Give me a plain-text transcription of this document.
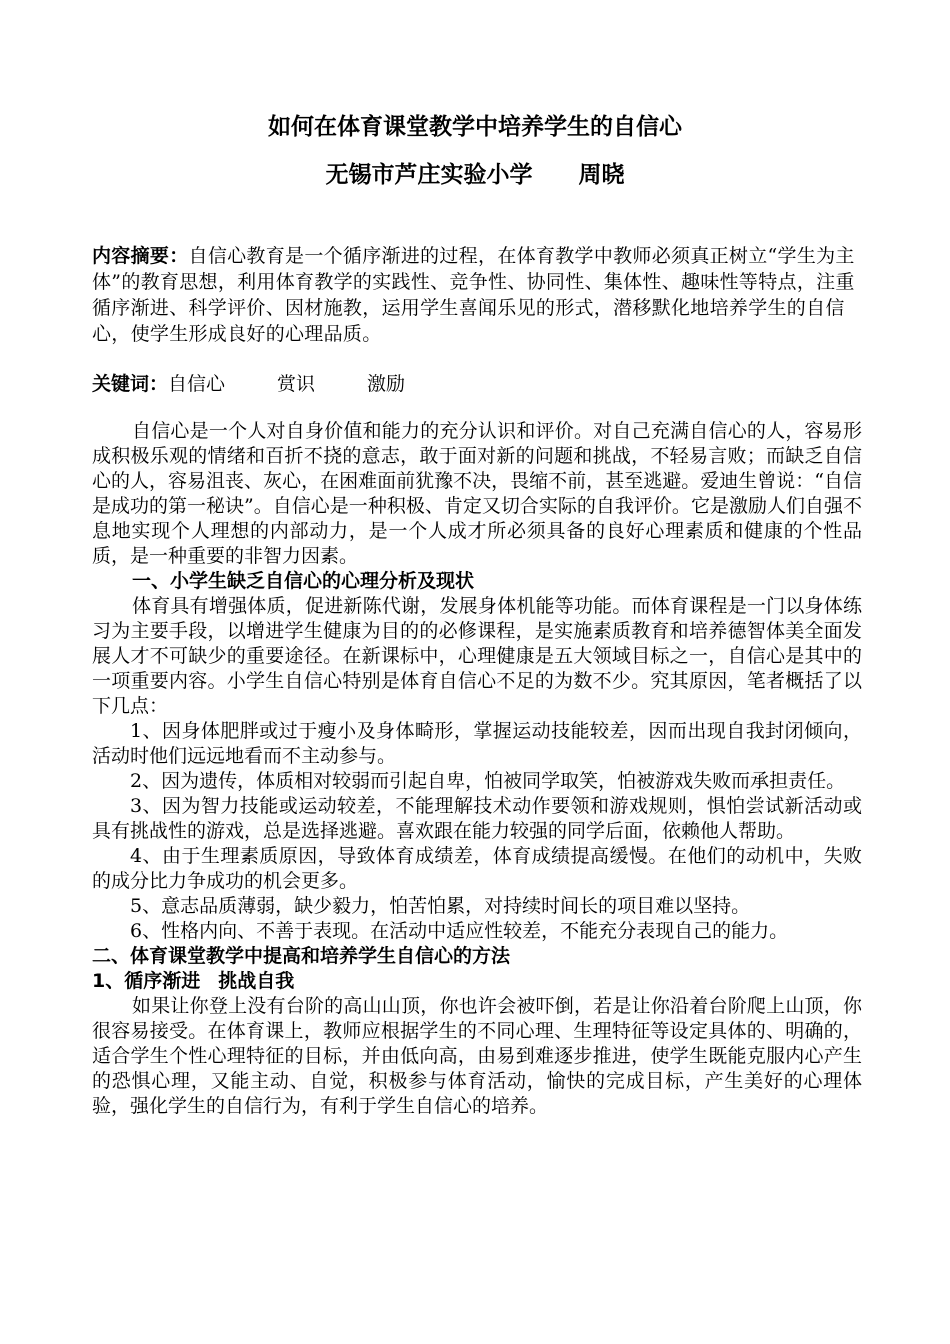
如何在体育课堂教学中培养学生的自信心
无锡市芦庄实验小学 周晓
内容摘要：自信心教育是一个循序渐进的过程，在体育教学中教师必须真正树立“学生为主体”的教育思想，利用体育教学的实践性、竞争性、协同性、集体性、趣味性等特点，注重循序渐进、科学评价、因材施教，运用学生喜闻乐见的形式，潜移默化地培养学生的自信心，使学生形成良好的心理品质。
关键词：自信心	赏识	激励

自信心是一个人对自身价值和能力的充分认识和评价。对自己充满自信心的人，容易形成积极乐观的情绪和百折不挠的意志，敢于面对新的问题和挑战，不轻易言败；而缺乏自信心的人，容易沮丧、灰心，在困难面前犹豫不决，畏缩不前，甚至逃避。爱迪生曾说：“自信是成功的第一秘诀”。自信心是一种积极、肯定又切合实际的自我评价。它是激励人们自强不息地实现个人理想的内部动力，是一个人成才所必须具备的良好心理素质和健康的个性品质，是一种重要的非智力因素。

一、小学生缺乏自信心的心理分析及现状

体育具有增强体质，促进新陈代谢，发展身体机能等功能。而体育课程是一门以身体练习为主要手段，以增进学生健康为目的的必修课程，是实施素质教育和培养德智体美全面发展人才不可缺少的重要途径。在新课标中，心理健康是五大领域目标之一，自信心是其中的一项重要内容。小学生自信心特别是体育自信心不足的为数不少。究其原因，笔者概括了以下几点：

1、因身体肥胖或过于瘦小及身体畸形，掌握运动技能较差，因而出现自我封闭倾向，活动时他们远远地看而不主动参与。

2、因为遗传，体质相对较弱而引起自卑，怕被同学取笑，怕被游戏失败而承担责任。

3、因为智力技能或运动较差，不能理解技术动作要领和游戏规则，惧怕尝试新活动或具有挑战性的游戏，总是选择逃避。喜欢跟在能力较强的同学后面，依赖他人帮助。

4、由于生理素质原因，导致体育成绩差，体育成绩提高缓慢。在他们的动机中，失败的成分比力争成功的机会更多。

5、意志品质薄弱，缺少毅力，怕苦怕累，对持续时间长的项目难以坚持。

6、性格内向、不善于表现。在活动中适应性较差，不能充分表现自己的能力。

二、体育课堂教学中提高和培养学生自信心的方法

1、循序渐进 挑战自我

如果让你登上没有台阶的高山山顶，你也许会被吓倒，若是让你沿着台阶爬上山顶，你很容易接受。在体育课上，教师应根据学生的不同心理、生理特征等设定具体的、明确的，适合学生个性心理特征的目标，并由低向高，由易到难逐步推进，使学生既能克服内心产生的恐惧心理，又能主动、自觉，积极参与体育活动，愉快的完成目标，产生美好的心理体验，强化学生的自信行为，有利于学生自信心的培养。
